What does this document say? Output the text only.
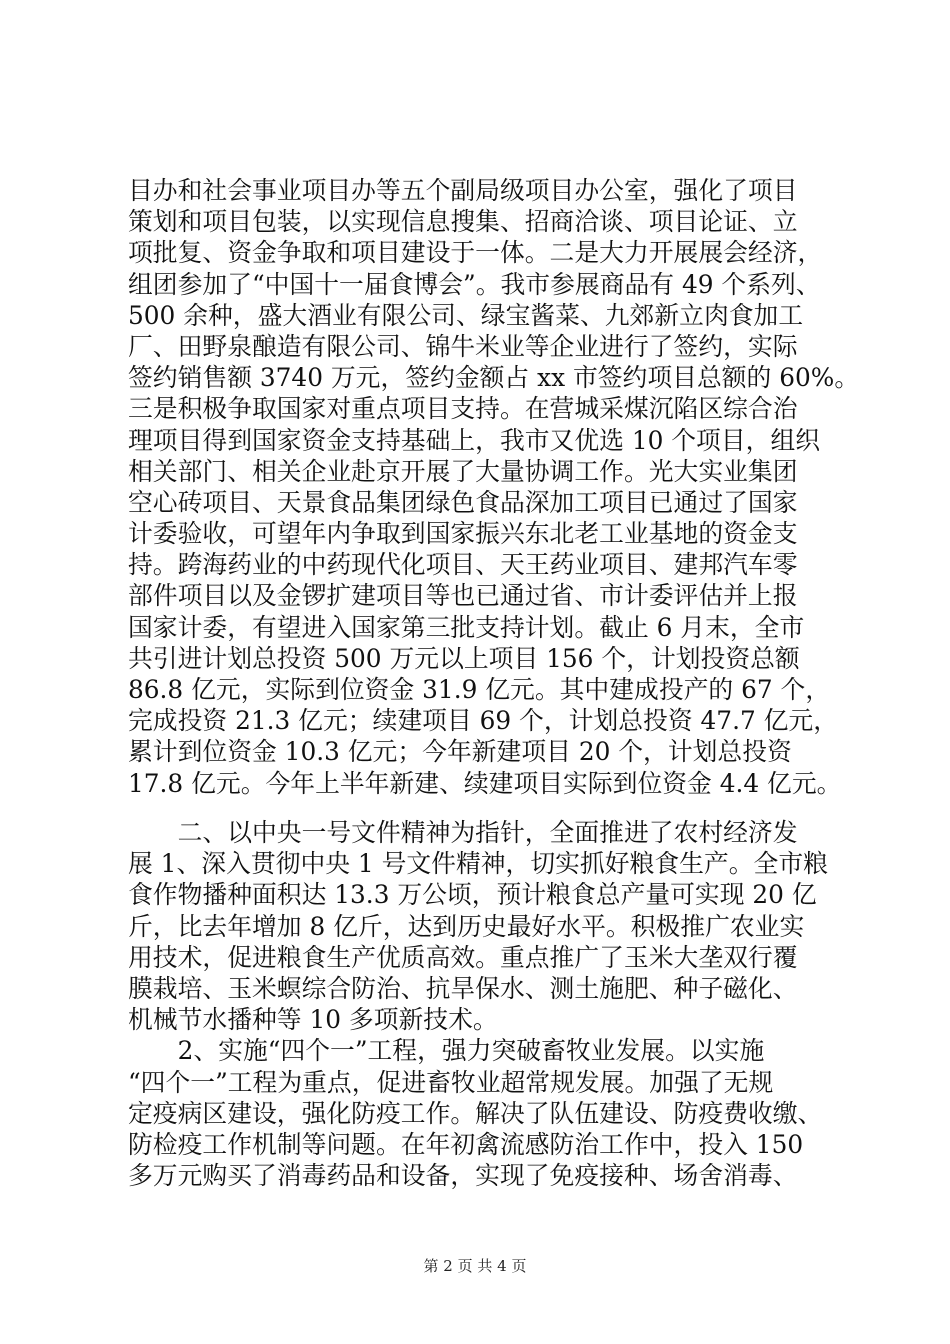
目办和社会事业项目办等五个副局级项目办公室，强化了项目
策划和项目包装，以实现信息搜集、招商洽谈、项目论证、立
项批复、资金争取和项目建设于一体。二是大力开展展会经济，
组团参加了“中国十一届食博会”。我市参展商品有 49 个系列、
500 余种，盛大酒业有限公司、绿宝酱菜、九郊新立肉食加工
厂、田野泉酿造有限公司、锦牛米业等企业进行了签约，实际
签约销售额 3740 万元，签约金额占 xx 市签约项目总额的 60%。
三是积极争取国家对重点项目支持。在营城采煤沉陷区综合治
理项目得到国家资金支持基础上，我市又优选 10 个项目，组织
相关部门、相关企业赴京开展了大量协调工作。光大实业集团
空心砖项目、天景食品集团绿色食品深加工项目已通过了国家
计委验收，可望年内争取到国家振兴东北老工业基地的资金支
持。跨海药业的中药现代化项目、天王药业项目、建邦汽车零
部件项目以及金锣扩建项目等也已通过省、市计委评估并上报
国家计委，有望进入国家第三批支持计划。截止 6 月末，全市
共引进计划总投资 500 万元以上项目 156 个，计划投资总额
86.8 亿元，实际到位资金 31.9 亿元。其中建成投产的 67 个，
完成投资 21.3 亿元；续建项目 69 个，计划总投资 47.7 亿元，
累计到位资金 10.3 亿元；今年新建项目 20 个，计划总投资
17.8 亿元。今年上半年新建、续建项目实际到位资金 4.4 亿元。
　　二、以中央一号文件精神为指针，全面推进了农村经济发
展 1、深入贯彻中央 1 号文件精神，切实抓好粮食生产。全市粮
食作物播种面积达 13.3 万公顷，预计粮食总产量可实现 20 亿
斤，比去年增加 8 亿斤，达到历史最好水平。积极推广农业实
用技术，促进粮食生产优质高效。重点推广了玉米大垄双行覆
膜栽培、玉米螟综合防治、抗旱保水、测土施肥、种子磁化、
机械节水播种等 10 多项新技术。
　　2、实施“四个一”工程，强力突破畜牧业发展。以实施
“四个一”工程为重点，促进畜牧业超常规发展。加强了无规
定疫病区建设，强化防疫工作。解决了队伍建设、防疫费收缴、
防检疫工作机制等问题。在年初禽流感防治工作中，投入 150
多万元购买了消毒药品和设备，实现了免疫接种、场舍消毒、
第 2 页 共 4 页
